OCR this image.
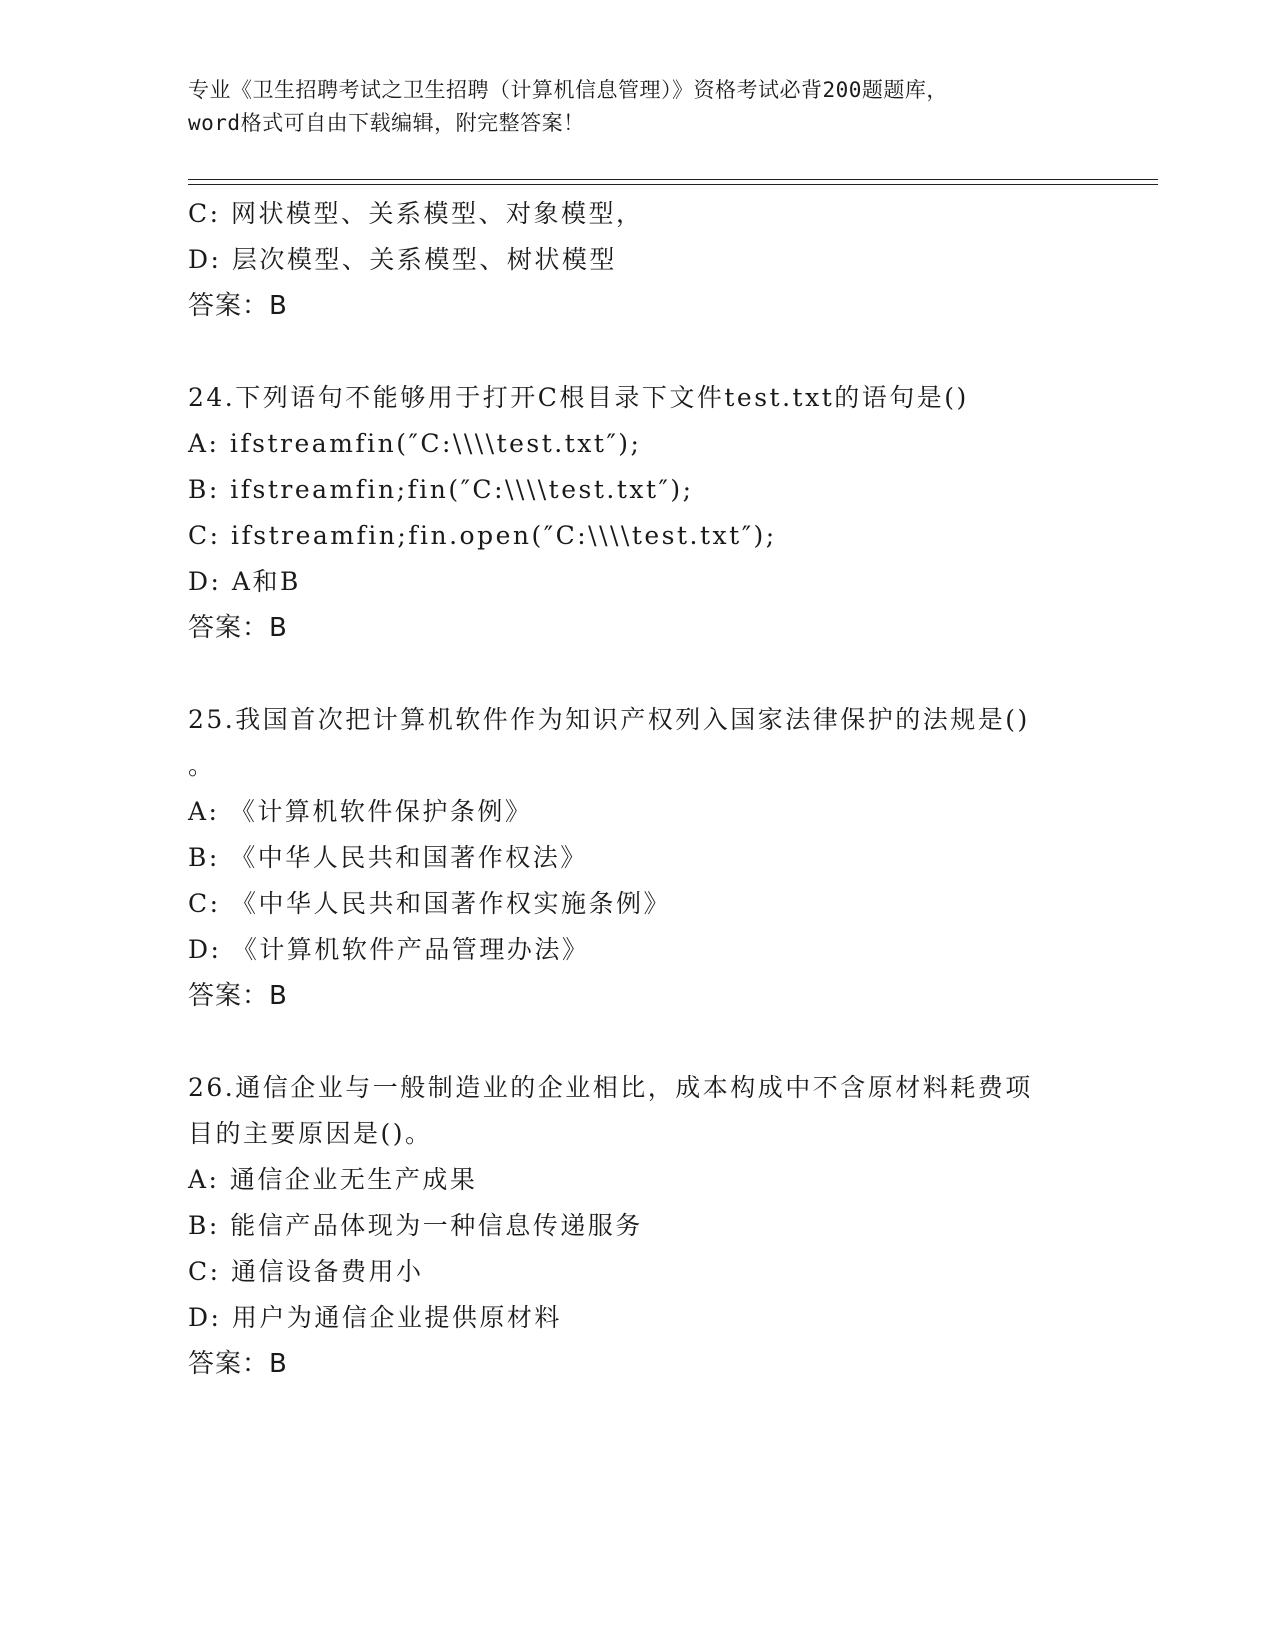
专业《卫生招聘考试之卫生招聘（计算机信息管理）》资格考试必背200题题库，
word格式可自由下载编辑，附完整答案！
C: 网状模型、关系模型、对象模型，
D: 层次模型、关系模型、树状模型
答案：B
24.下列语句不能够用于打开C根目录下文件test.txt的语句是()
A: ifstreamfin(″C:\\\\test.txt″);
B: ifstreamfin;fin(″C:\\\\test.txt″);
C: ifstreamfin;fin.open(″C:\\\\test.txt″);
D: A和B
答案：B
25.我国首次把计算机软件作为知识产权列入国家法律保护的法规是()
。
A: 《计算机软件保护条例》
B: 《中华人民共和国著作权法》
C: 《中华人民共和国著作权实施条例》
D: 《计算机软件产品管理办法》
答案：B
26.通信企业与一般制造业的企业相比，成本构成中不含原材料耗费项
目的主要原因是()。
A: 通信企业无生产成果
B: 能信产品体现为一种信息传递服务
C: 通信设备费用小
D: 用户为通信企业提供原材料
答案：B
